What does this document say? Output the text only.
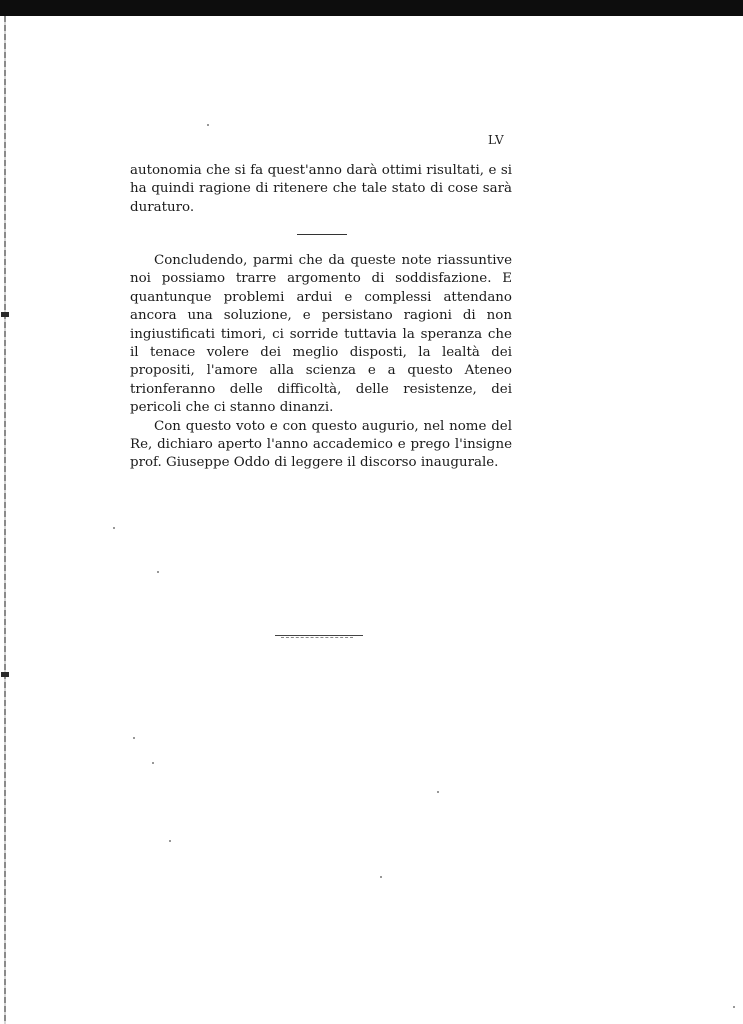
LV

autonomia che si fa quest'anno darà ottimi risultati, e si ha quindi ragione di ritenere che tale stato di cose sarà duraturo.

Concludendo, parmi che da queste note riassuntive noi possiamo trarre argomento di soddisfazione. E quantunque problemi ardui e complessi attendano ancora una soluzione, e persistano ragioni di non ingiustificati timori, ci sorride tuttavia la speranza che il tenace volere dei meglio disposti, la lealtà dei propositi, l'amore alla scienza e a questo Ateneo trionferanno delle difficoltà, delle resistenze, dei pericoli che ci stanno dinanzi.

Con questo voto e con questo augurio, nel nome del Re, dichiaro aperto l'anno accademico e prego l'insigne prof. Giuseppe Oddo di leggere il discorso inaugurale.
